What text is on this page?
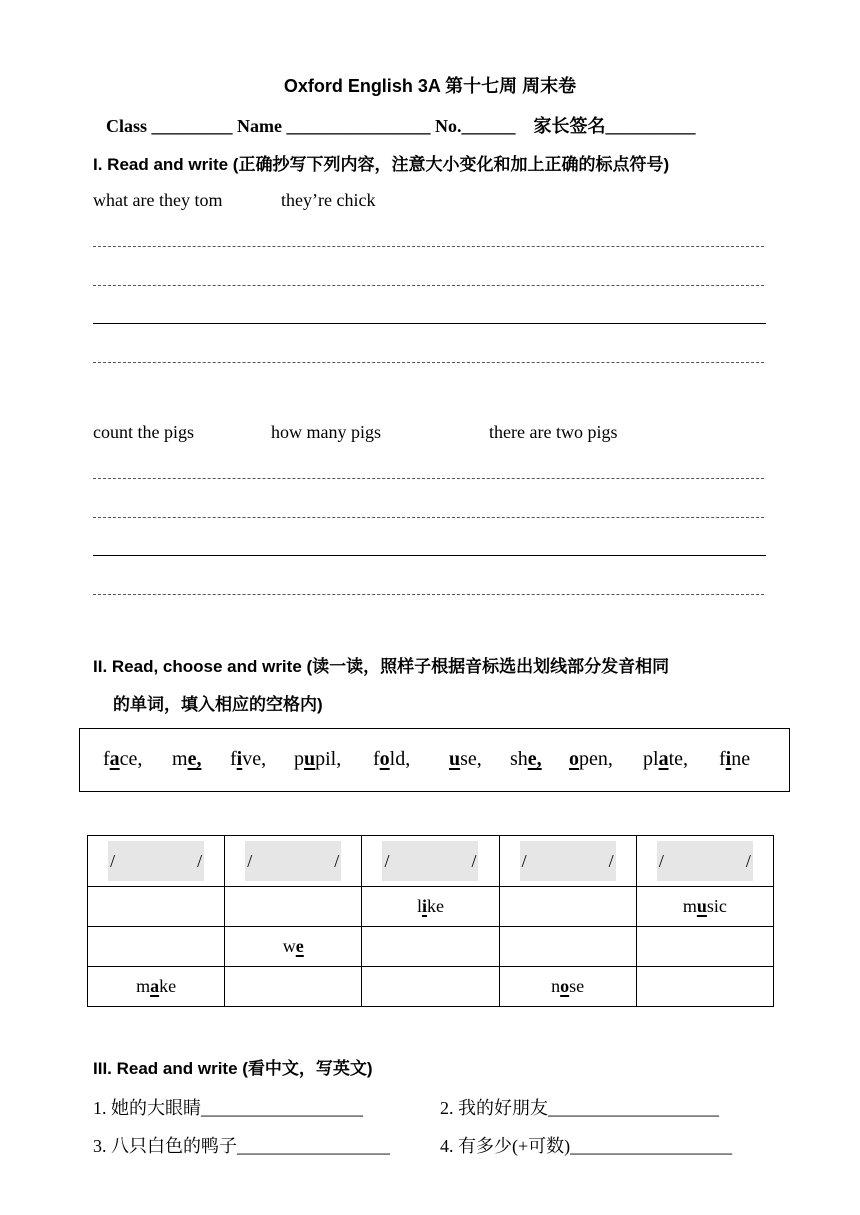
Oxford English 3A 第十七周 周末卷
Class _________ Name ________________ No.______    家长签名__________
I. Read and write (正确抄写下列内容，注意大小变化和加上正确的标点符号)
what are they tom	they’re chick
count the pigs	how many pigs	there are two pigs
II. Read, choose and write (读一读，照样子根据音标选出划线部分发音相同
的单词，填入相应的空格内)
face, me, five, pupil, fold, use, she, open, plate, fine
/ /	/ /	/ /	/ /	/ /

		like		music
	we			
make			nose	
III. Read and write (看中文，写英文)
1. 她的大眼睛__________________	2. 我的好朋友___________________
3. 八只白色的鸭子_________________	4. 有多少(+可数)__________________
